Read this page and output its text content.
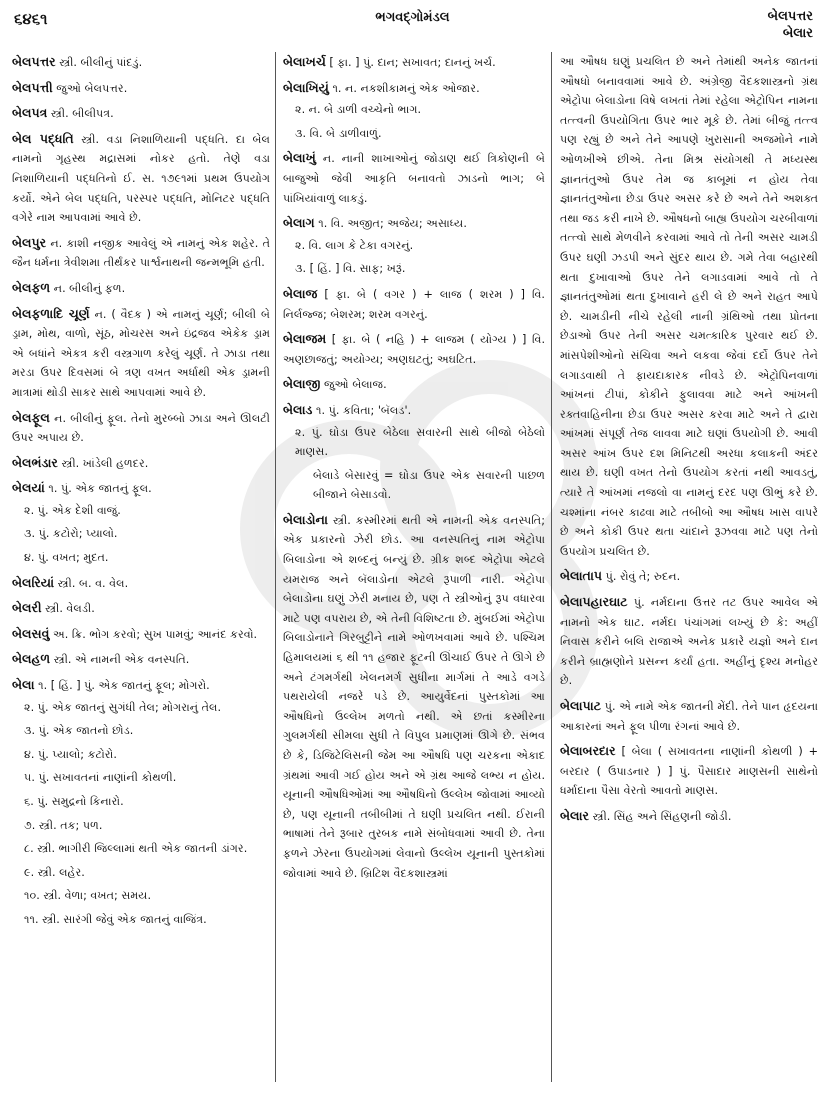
૬૪૬૧	ભગવદ્ગોમંડલ	બેલપત્તર
બેલાર
બેલપત્તર સ્ત્રી. બીલીનું પાંદડું.
બેલપત્તી જુઓ બેલપત્તર.
બેલપત્ર સ્ત્રી. બીલીપત્ર.
બેલ પદ્ધતિ સ્ત્રી. વડા નિશાળિયાની પદ્ધતિ. દા બેલ નામનો ગૃહસ્થ મદ્રાસમાં નોકર હતો. તેણે વડા નિશાળિયાની પદ્ધતિનો ઈ. સ. ૧૭૯૧માં પ્રથમ ઉપયોગ કર્યો. એને બેલ પદ્ધતિ, પરસ્પર પદ્ધતિ, મોનિટર પદ્ધતિ વગેરે નામ આપવામાં આવે છે.
બેલપુર ન. કાશી નજીક આવેલું એ નામનું એક શહેર. તે જૈન ધર્મના ત્રેવીશમા તીર્થંકર પાર્શ્વનાથની જન્મભૂમિ હતી.
બેલફળ ન. બીલીનું ફળ.
બેલફળાદિ ચૂર્ણ ન. ( વૈદક ) એ નામનું ચૂર્ણ; બીલી બે ડ્રામ, મોથ, વાળો, સૂંઠ, મોચરસ અને ઇંદ્રજવ એકેક ડ્રામ એ બધાંને એકત્ર કરી વસ્ત્રગાળ કરેલું ચૂર્ણ. તે ઝાડા તથા મરડા ઉપર દિવસમાં બે ત્રણ વખત અર્ધાથી એક ડ્રામની માત્રામાં થોડી સાકર સાથે આપવામાં આવે છે.
બેલફૂલ ન. બીલીનું ફૂલ. તેનો મુરબ્બો ઝાડા અને ઊલટી ઉપર અપાય છે.
બેલભંડાર સ્ત્રી. ખાંડેલી હળદર.
બેલયાં ૧. પું. એક જાતનું ફૂલ.
૨. પું. એક દેશી વાજું.
૩. પું. કટોરો; પ્યાલો.
૪. પું. વખત; મુદત.
બેલરિયાં સ્ત્રી. બ. વ. વેલ.
બેલરી સ્ત્રી. વેલડી.
બેલસવું અ. ક્રિ. ભોગ કરવો; સુખ પામવું; આનંદ કરવો.
બેલહળ સ્ત્રી. એ નામની એક વનસ્પતિ.
બેલા ૧. [ હિં. ] પું. એક જાતનું ફૂલ; મોગરો.
૨. પું. એક જાતનું સુગંધી તેલ; મોગરાનું તેલ.
૩. પું. એક જાતનો છોડ.
૪. પું. પ્યાલો; કટોરો.
૫. પું. સખાવતનાં નાણાંની કોથળી.
૬. પું. સમુદ્રનો કિનારો.
૭. સ્ત્રી. તક; પળ.
૮. સ્ત્રી. ભાગીરી જિલ્લામાં થતી એક જાતની ડાંગર.
૯. સ્ત્રી. લહેર.
૧૦. સ્ત્રી. વેળા; વખત; સમય.
૧૧. સ્ત્રી. સારંગી જેવું એક જાતનું વાજિંત્ર.
બેલાખર્ચ [ ફા. ] પું. દાન; સખાવત; દાનનું ખર્ચ.
બેલાખિયું ૧. ન. નકશીકામનું એક ઓજાર.
૨. ન. બે ડાળી વચ્ચેનો ભાગ.
૩. વિ. બે ડાળીવાળું.
બેલાખું ન. નાની શાખાઓનું જોડાણ થઈ ત્રિકોણની બે બાજુઓ જેવી આકૃતિ બનાવતો ઝાડનો ભાગ; બે પાંખિયાંવાળું લાકડું.
બેલાગ ૧. વિ. અજીત; અજેય; અસાધ્ય.
૨. વિ. લાગ કે ટેકા વગરનું.
૩. [ હિં. ] વિ. સાફ; ખરૂં.
બેલાજ [ ફા. બે ( વગર ) + લાજ ( શરમ ) ] વિ. નિર્લજ્જ; બેશરમ; શરમ વગરનું.
બેલાજમ [ ફા. બે ( નહિ ) + લાજમ ( યોગ્ય ) ] વિ. અણછાજતું; અયોગ્ય; અણઘટતું; અઘટિત.
બેલાજી જુઓ બેલાજ.
બેલાડ ૧. પું. કવિતા; 'બૅલડ'.
૨. પું. ઘોડા ઉપર બેઠેલા સવારની સાથે બીજો બેઠેલો માણસ.
બેલાડે બેસારવું = ઘોડા ઉપર એક સવારની પાછળ બીજાને બેસાડવો.
બેલાડોના સ્ત્રી. કસ્મીરમાં થતી એ નામની એક વનસ્પતિ; એક પ્રકારનો ઝેરી છોડ. આ વનસ્પતિનું નામ એટ્રોપા બિલાડોના એ શબ્દનું બન્યું છે. ગ્રીક શબ્દ એટ્રોપા એટલે યમરાજ અને બૅલાડોના એટલે રૂપાળી નારી. એટ્રોપા બેલાડોના ઘણું ઝેરી મનાય છે, પણ તે સ્ત્રીઓનું રૂપ વધારવા માટે પણ વપરાય છે, એ તેની વિશિષ્ટતા છે. મુંબઈમાં એટ્રોપા બિલાડોનાને ગિરબુટ્ટીને નામે ઓળખવામાં આવે છે. પશ્ચિમ હિમાલયમાં ૬ થી ૧૧ હજાર ફૂટની ઊંચાઈ ઉપર તે ઊગે છે અને ટંગમર્ગથી ખેલનમર્ગ સુધીના માર્ગમાં તે આડે વગડે પથરાયેલી નજરે પડે છે. આયુર્વેદનાં પુસ્તકોમાં આ ઔષધિનો ઉલ્લેખ મળતો નથી. એ છતાં કસ્મીરના ગુલમર્ગથી સીમલા સુધી તે વિપુલ પ્રમાણમાં ઊગે છે. સંભવ છે કે, ડિજિટેલિસની જેમ આ ઔષધિ પણ ચરકના એકાદ ગ્રંથમાં આવી ગઈ હોય અને એ ગ્રંથ આજે લભ્ય ન હોય. યૂનાની ઔષધિઓમાં આ ઔષધિનો ઉલ્લેખ જોવામાં આવ્યો છે, પણ યૂનાની તબીબીમાં તે ઘણી પ્રચલિત નથી. ઈરાની ભાષામાં તેને રૂબાર તુરબક નામે સંબોધવામાં આવી છે. તેના ફળને ઝેરના ઉપયોગમાં લેવાનો ઉલ્લેખ યૂનાની પુસ્તકોમાં જોવામાં આવે છે. બ્રિટિશ વૈદકશાસ્ત્રમાં
આ ઔષધ ઘણું પ્રચલિત છે અને તેમાંથી અનેક જાતનાં ઔષધો બનાવવામાં આવે છે. અંગ્રેજી વૈદકશાસ્ત્રનો ગ્રંથ એટ્રોપા બેલાડોના વિષે લખતાં તેમાં રહેલા એટ્રોપિન નામના તત્ત્વની ઉપયોગિતા ઉપર ભાર મૂકે છે. તેમાં બીજું તત્ત્વ પણ રહ્યું છે અને તેને આપણે ખુરાસાની અજમોને નામે ઓળખીએ છીએ. તેના મિશ્ર સંયોગથી તે મધ્યસ્થ જ્ઞાનતંતુઓ ઉપર તેમ જ કાબૂમાં ન હોય તેવા જ્ઞાનતંતુઓના છેડા ઉપર અસર કરે છે અને તેને અશક્ત તથા જડ કરી નાખે છે. ઔષધનો બાહ્ય ઉપયોગ ચરબીવાળાં તત્ત્વો સાથે મેળવીને કરવામાં આવે તો તેની અસર ચામડી ઉપર ઘણી ઝડપી અને સુંદર થાય છે. ગમે તેવા બહારથી થતા દુખાવાઓ ઉપર તેને લગાડવામાં આવે તો તે જ્ઞાનતંતુઓમાં થતા દુખાવાને હરી લે છે અને રાહત આપે છે. ચામડીની નીચે રહેલી નાની ગ્રંથિઓ તથા પ્રોતના છેડાઓ ઉપર તેની અસર ચમત્કારિક પુરવાર થઈ છે. માંસપેશીઓનો સંચિવા અને લકવા જેવાં દર્દો ઉપર તેને લગાડવાથી તે ફાયદાકારક નીવડે છે. એટ્રોપિનવાળાં આંખનાં ટીપાં, કોકીને ફુલાવવા માટે અને આંખની રક્તવાહિનીના છેડા ઉપર અસર કરવા માટે અને તે દ્વારા આંખમાં સંપૂર્ણ તેજ લાવવા માટે ઘણાં ઉપયોગી છે. આવી અસર આંખ ઉપર દશ મિનિટથી અરધા કલાકની અંદર થાય છે. ઘણી વખત તેનો ઉપયોગ કરતાં નથી આવડતું, ત્યારે તે આંખમાં નજલો વા નામનું દરદ પણ ઊભું કરે છે. ચશ્માંના નંબર કાઢવા માટે તબીબો આ ઔષધ ખાસ વાપરે છે અને કોકી ઉપર થતા ચાંદાને રૂઝવવા માટે પણ તેનો ઉપયોગ પ્રચલિત છે.
બેલાતાપ પું. રોવું તે; રુદન.
બેલાપહારઘાટ પું. નર્મદાના ઉત્તર તટ ઉપર આવેલ એ નામનો એક ઘાટ. નર્મદા પંચાંગમાં લખ્યું છે કે: અહીં નિવાસ કરીને બલિ રાજાએ અનેક પ્રકારે યજ્ઞો અને દાન કરીને બ્રાહ્મણોને પ્રસન્ન કર્યાં હતા. અહીંનું દૃશ્ય મનોહર છે.
બેલાપાટ પું. એ નામે એક જાતની મેંદી. તેને પાન હૃદયના આકારનાં અને ફૂલ પીળા રંગનાં આવે છે.
બેલાબરદાર [ બેલા ( સખાવતના નાણાંની કોથળી ) + બરદાર ( ઉપાડનાર ) ] પું. પૈસાદાર માણસની સાથેનો ધર્માદાના પૈસા વેરતો આવતો માણસ.
બેલાર સ્ત્રી. સિંહ અને સિંહણની જોડી.
